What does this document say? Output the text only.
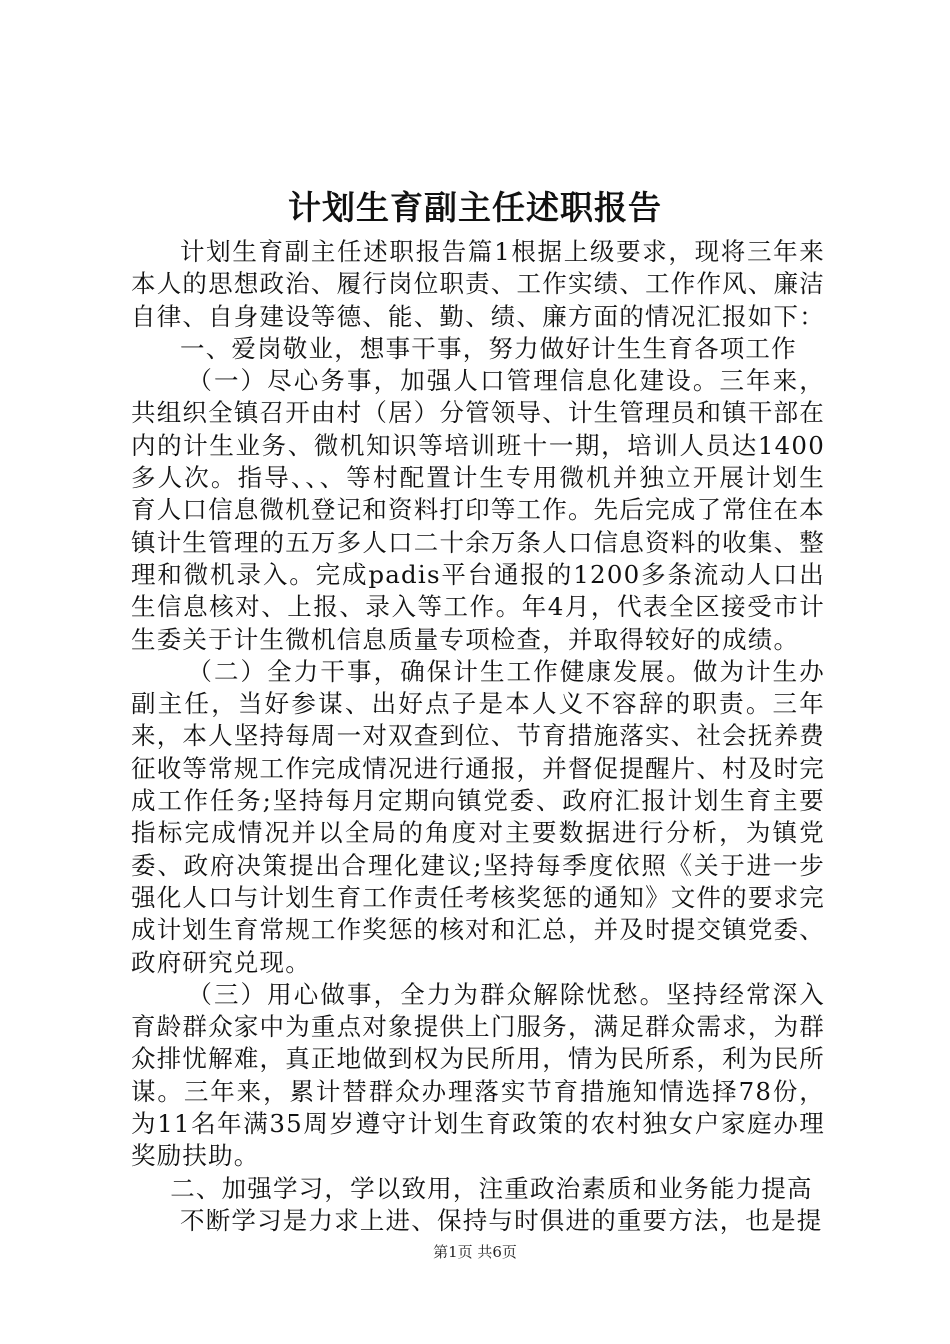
计划生育副主任述职报告

计划生育副主任述职报告篇1根据上级要求，现将三年来本人的思想政治、履行岗位职责、工作实绩、工作作风、廉洁自律、自身建设等德、能、勤、绩、廉方面的情况汇报如下：

一、爱岗敬业，想事干事，努力做好计生生育各项工作

（一）尽心务事，加强人口管理信息化建设。三年来，共组织全镇召开由村（居）分管领导、计生管理员和镇干部在内的计生业务、微机知识等培训班十一期，培训人员达1400多人次。指导、、、等村配置计生专用微机并独立开展计划生育人口信息微机登记和资料打印等工作。先后完成了常住在本镇计生管理的五万多人口二十余万条人口信息资料的收集、整理和微机录入。完成padis平台通报的1200多条流动人口出生信息核对、上报、录入等工作。年4月，代表全区接受市计生委关于计生微机信息质量专项检查，并取得较好的成绩。

（二）全力干事，确保计生工作健康发展。做为计生办副主任，当好参谋、出好点子是本人义不容辞的职责。三年来，本人坚持每周一对双查到位、节育措施落实、社会抚养费征收等常规工作完成情况进行通报，并督促提醒片、村及时完成工作任务;坚持每月定期向镇党委、政府汇报计划生育主要指标完成情况并以全局的角度对主要数据进行分析，为镇党委、政府决策提出合理化建议;坚持每季度依照《关于进一步强化人口与计划生育工作责任考核奖惩的通知》文件的要求完成计划生育常规工作奖惩的核对和汇总，并及时提交镇党委、政府研究兑现。

（三）用心做事，全力为群众解除忧愁。坚持经常深入育龄群众家中为重点对象提供上门服务，满足群众需求，为群众排忧解难，真正地做到权为民所用，情为民所系，利为民所谋。三年来，累计替群众办理落实节育措施知情选择78份，为11名年满35周岁遵守计划生育政策的农村独女户家庭办理奖励扶助。

二、加强学习，学以致用，注重政治素质和业务能力提高

不断学习是力求上进、保持与时俱进的重要方法，也是提

第1页 共6页
